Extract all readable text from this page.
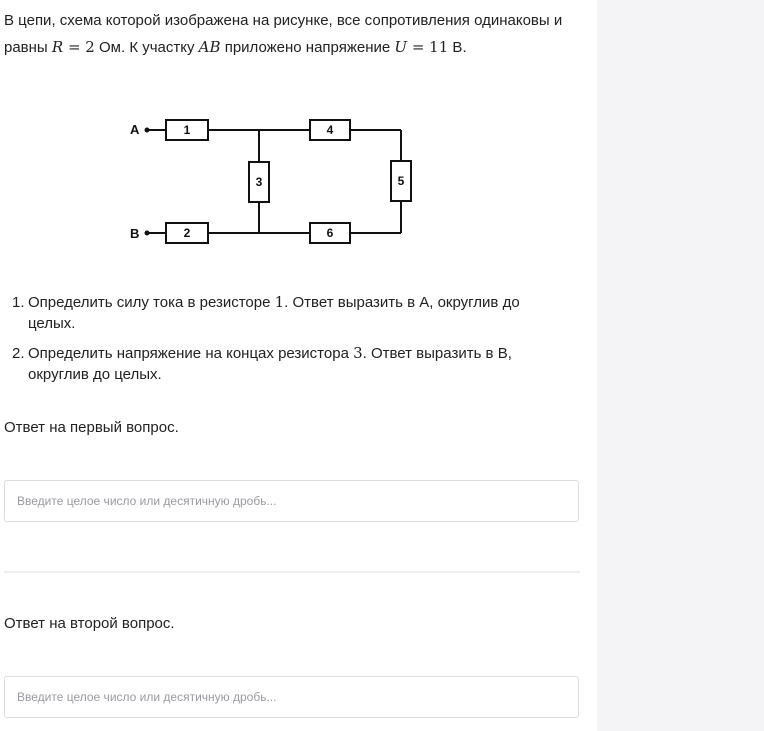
В цепи, схема которой изображена на рисунке, все сопротивления одинаковы и равны R = 2 Ом. К участку AB приложено напряжение U = 11 В.
A
B
1
2
3
4
5
6
1. Определить силу тока в резисторе 1. Ответ выразить в А, округлив до целых.
2. Определить напряжение на концах резистора 3. Ответ выразить в В, округлив до целых.
Ответ на первый вопрос.
Введите целое число или десятичную дробь...
Ответ на второй вопрос.
Введите целое число или десятичную дробь...
